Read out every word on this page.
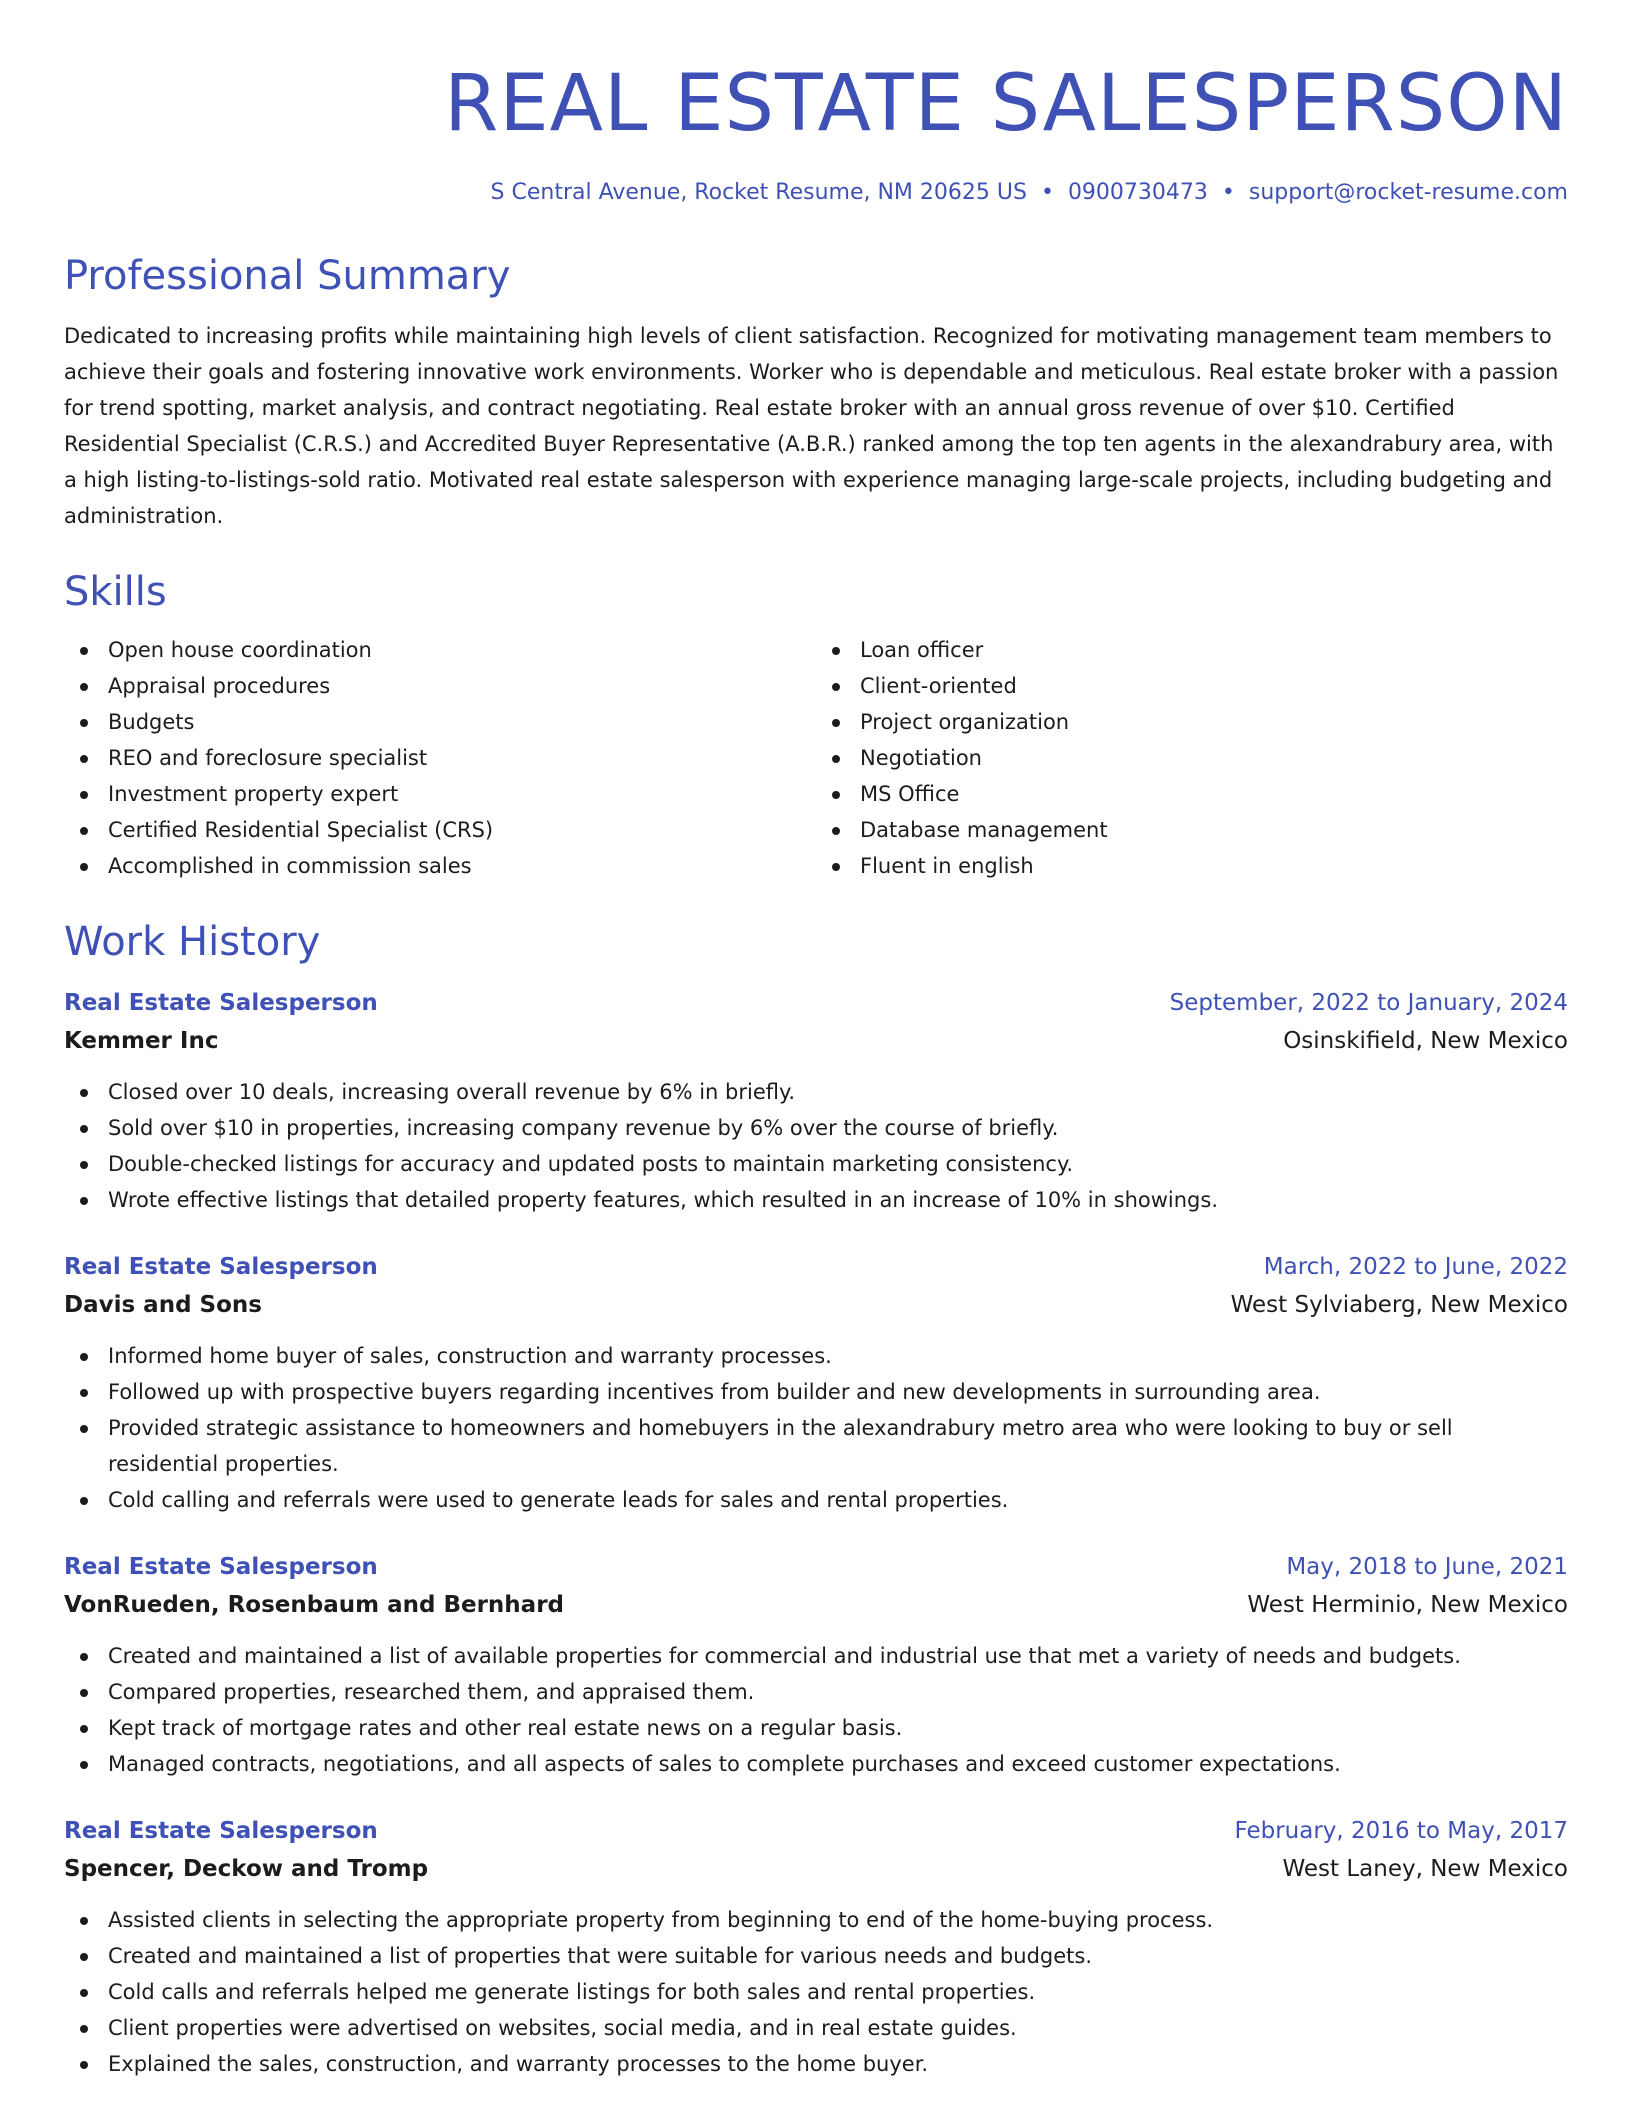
REAL ESTATE SALESPERSON
S Central Avenue, Rocket Resume, NM 20625 US • 0900730473 • support@rocket-resume.com
Professional Summary

Dedicated to increasing profits while maintaining high levels of client satisfaction. Recognized for motivating management team members to achieve their goals and fostering innovative work environments. Worker who is dependable and meticulous. Real estate broker with a passion for trend spotting, market analysis, and contract negotiating. Real estate broker with an annual gross revenue of over $10. Certified Residential Specialist (C.R.S.) and Accredited Buyer Representative (A.B.R.) ranked among the top ten agents in the alexandrabury area, with a high listing-to-listings-sold ratio. Motivated real estate salesperson with experience managing large-scale projects, including budgeting and administration.

Skills
Open house coordination
Appraisal procedures
Budgets
REO and foreclosure specialist
Investment property expert
Certified Residential Specialist (CRS)
Accomplished in commission sales
Loan officer
Client-oriented
Project organization
Negotiation
MS Office
Database management
Fluent in english
Work History
Real Estate Salesperson	September, 2022 to January, 2024
Kemmer Inc	Osinskifield, New Mexico
Closed over 10 deals, increasing overall revenue by 6% in briefly.
Sold over $10 in properties, increasing company revenue by 6% over the course of briefly.
Double-checked listings for accuracy and updated posts to maintain marketing consistency.
Wrote effective listings that detailed property features, which resulted in an increase of 10% in showings.
Real Estate Salesperson	March, 2022 to June, 2022
Davis and Sons	West Sylviaberg, New Mexico
Informed home buyer of sales, construction and warranty processes.
Followed up with prospective buyers regarding incentives from builder and new developments in surrounding area.
Provided strategic assistance to homeowners and homebuyers in the alexandrabury metro area who were looking to buy or sell residential properties.
Cold calling and referrals were used to generate leads for sales and rental properties.
Real Estate Salesperson	May, 2018 to June, 2021
VonRueden, Rosenbaum and Bernhard	West Herminio, New Mexico
Created and maintained a list of available properties for commercial and industrial use that met a variety of needs and budgets.
Compared properties, researched them, and appraised them.
Kept track of mortgage rates and other real estate news on a regular basis.
Managed contracts, negotiations, and all aspects of sales to complete purchases and exceed customer expectations.
Real Estate Salesperson	February, 2016 to May, 2017
Spencer, Deckow and Tromp	West Laney, New Mexico
Assisted clients in selecting the appropriate property from beginning to end of the home-buying process.
Created and maintained a list of properties that were suitable for various needs and budgets.
Cold calls and referrals helped me generate listings for both sales and rental properties.
Client properties were advertised on websites, social media, and in real estate guides.
Explained the sales, construction, and warranty processes to the home buyer.
